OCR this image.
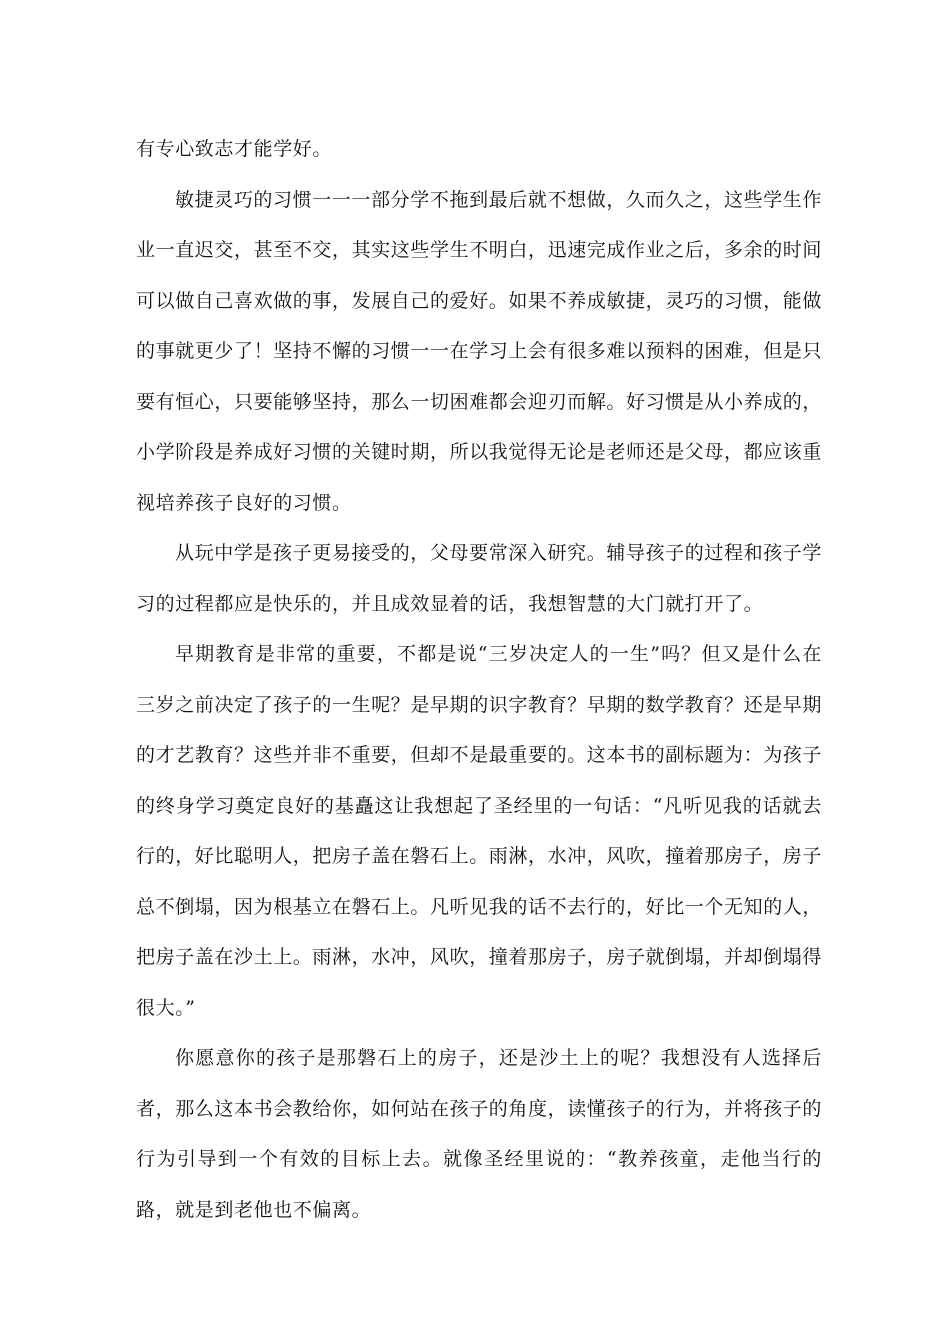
有专心致志才能学好。

敏捷灵巧的习惯一一一部分学不拖到最后就不想做，久而久之，这些学生作业一直迟交，甚至不交，其实这些学生不明白，迅速完成作业之后，多余的时间可以做自己喜欢做的事，发展自己的爱好。如果不养成敏捷，灵巧的习惯，能做的事就更少了！坚持不懈的习惯一一在学习上会有很多难以预料的困难，但是只要有恒心，只要能够坚持，那么一切困难都会迎刃而解。好习惯是从小养成的，小学阶段是养成好习惯的关键时期，所以我觉得无论是老师还是父母，都应该重视培养孩子良好的习惯。

从玩中学是孩子更易接受的，父母要常深入研究。辅导孩子的过程和孩子学习的过程都应是快乐的，并且成效显着的话，我想智慧的大门就打开了。

早期教育是非常的重要，不都是说“三岁决定人的一生”吗？但又是什么在三岁之前决定了孩子的一生呢？是早期的识字教育？早期的数学教育？还是早期的才艺教育？这些并非不重要，但却不是最重要的。这本书的副标题为：为孩子的终身学习奠定良好的基矗这让我想起了圣经里的一句话：“凡听见我的话就去行的，好比聪明人，把房子盖在磐石上。雨淋，水冲，风吹，撞着那房子，房子总不倒塌，因为根基立在磐石上。凡听见我的话不去行的，好比一个无知的人，把房子盖在沙土上。雨淋，水冲，风吹，撞着那房子，房子就倒塌，并却倒塌得很大。”

你愿意你的孩子是那磐石上的房子，还是沙土上的呢？我想没有人选择后者，那么这本书会教给你，如何站在孩子的角度，读懂孩子的行为，并将孩子的行为引导到一个有效的目标上去。就像圣经里说的：“教养孩童，走他当行的路，就是到老他也不偏离。
